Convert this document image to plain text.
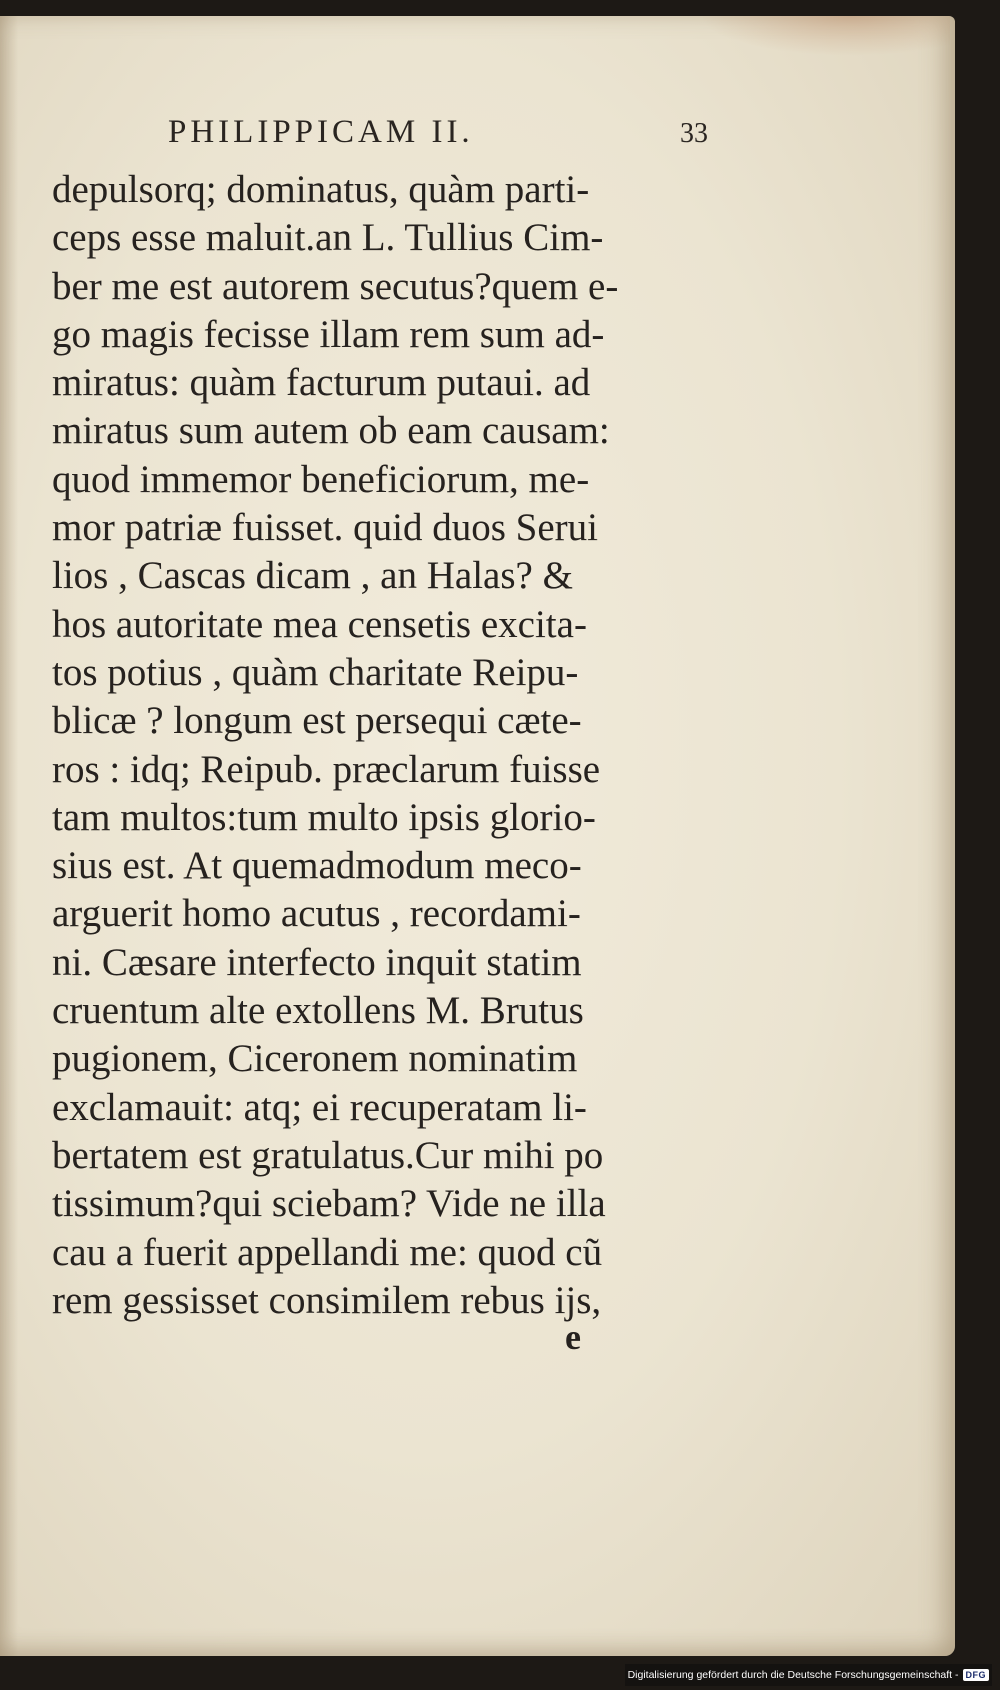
PHILIPPICAM II.	33
depulsorq; dominatus, quàm parti-
ceps esse maluit.an L. Tullius Cim-
ber me est autorem secutus?quem e-
go magis fecisse illam rem sum ad-
miratus: quàm facturum putaui. ad
miratus sum autem ob eam causam:
quod immemor beneficiorum, me-
mor patriæ fuisset. quid duos Serui
lios , Cascas dicam , an Halas? &
hos autoritate mea censetis excita-
tos potius , quàm charitate Reipu-
blicæ ? longum est persequi cæte-
ros : idq; Reipub. præclarum fuisse
tam multos:tum multo ipsis glorio-
sius est. At quemadmodum meco-
arguerit homo acutus , recordami-
ni. Cæsare interfecto inquit statim
cruentum alte extollens M. Brutus
pugionem, Ciceronem nominatim
exclamauit: atq; ei recuperatam li-
bertatem est gratulatus.Cur mihi po
tissimum?qui sciebam? Vide ne illa
cau a fuerit appellandi me: quod cũ
rem gessisset consimilem rebus ijs,
e
Digitalisierung gefördert durch die Deutsche Forschungsgemeinschaft - DFG
